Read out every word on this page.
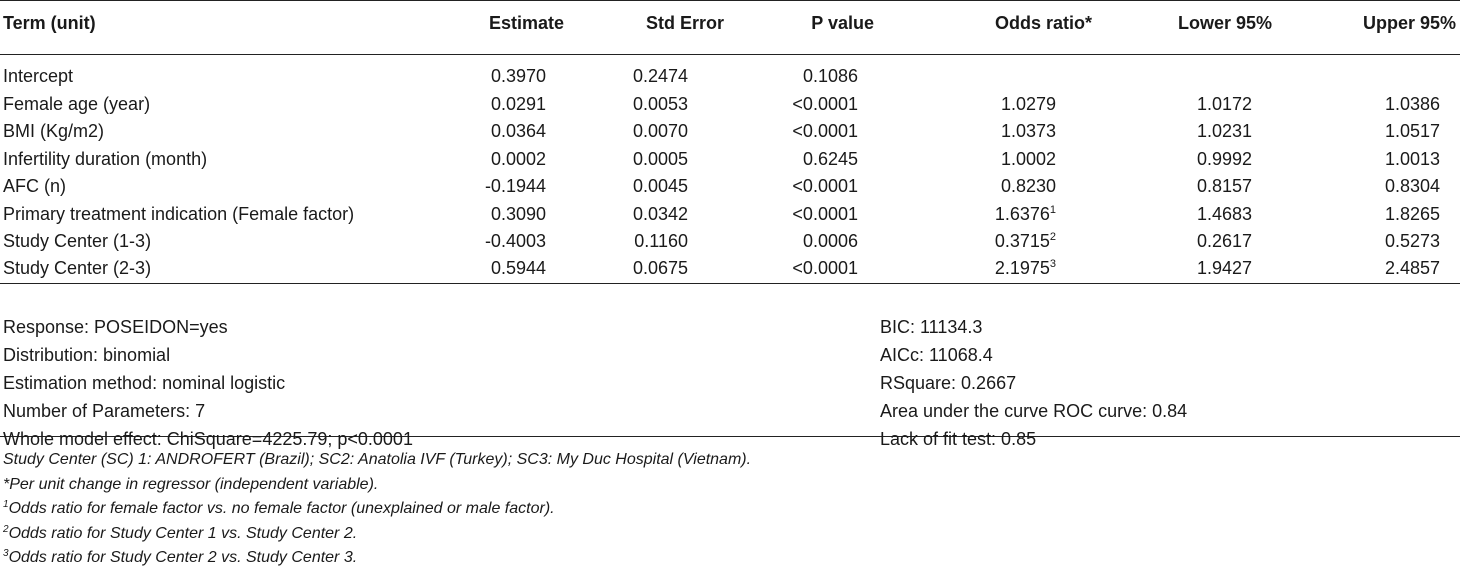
Term (unit)	Estimate	Std Error	P value	Odds ratio*	Lower 95%	Upper 95%

Intercept	0.3970	0.2474	0.1086			
Female age (year)	0.0291	0.0053	<0.0001	1.0279	1.0172	1.0386
BMI (Kg/m2)	0.0364	0.0070	<0.0001	1.0373	1.0231	1.0517
Infertility duration (month)	0.0002	0.0005	0.6245	1.0002	0.9992	1.0013
AFC (n)	-0.1944	0.0045	<0.0001	0.8230	0.8157	0.8304
Primary treatment indication (Female factor)	0.3090	0.0342	<0.0001	1.6376$^1$	1.4683	1.8265
Study Center (1-3)	-0.4003	0.1160	0.0006	0.3715$^2$	0.2617	0.5273
Study Center (2-3)	0.5944	0.0675	<0.0001	2.1975$^3$	1.9427	2.4857
Response: POSEIDON=yes
Distribution: binomial
Estimation method: nominal logistic
Number of Parameters: 7
Whole model effect: ChiSquare=4225.79; p<0.0001
BIC: 11134.3
AICc: 11068.4
RSquare: 0.2667
Area under the curve ROC curve: 0.84
Lack of fit test: 0.85
Study Center (SC) 1: ANDROFERT (Brazil); SC2: Anatolia IVF (Turkey); SC3: My Duc Hospital (Vietnam).
*Per unit change in regressor (independent variable).
$^1$Odds ratio for female factor vs. no female factor (unexplained or male factor).
$^2$Odds ratio for Study Center 1 vs. Study Center 2.
$^3$Odds ratio for Study Center 2 vs. Study Center 3.
